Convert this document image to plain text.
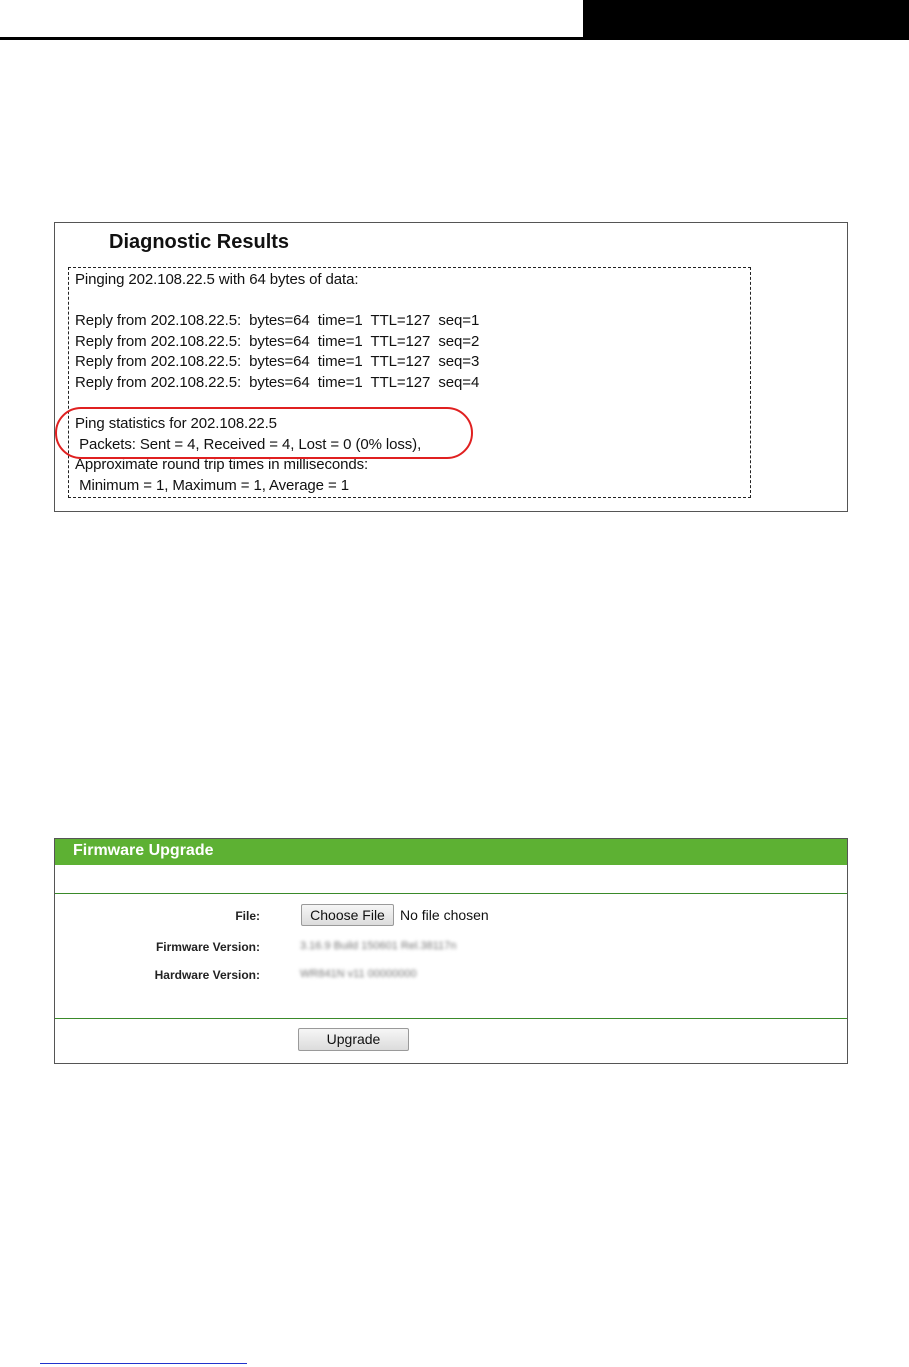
Diagnostic Results
Pinging 202.108.22.5 with 64 bytes of data:
Reply from 202.108.22.5:  bytes=64  time=1  TTL=127  seq=1
Reply from 202.108.22.5:  bytes=64  time=1  TTL=127  seq=2
Reply from 202.108.22.5:  bytes=64  time=1  TTL=127  seq=3
Reply from 202.108.22.5:  bytes=64  time=1  TTL=127  seq=4
Ping statistics for 202.108.22.5
Packets: Sent = 4, Received = 4, Lost = 0 (0% loss),
Approximate round trip times in milliseconds:
Minimum = 1, Maximum = 1, Average = 1
Firmware Upgrade
File:	Choose File	No file chosen
Firmware Version:	3.16.9 Build 150601 Rel.38117n
Hardware Version:	WR841N v11 00000000
Upgrade
